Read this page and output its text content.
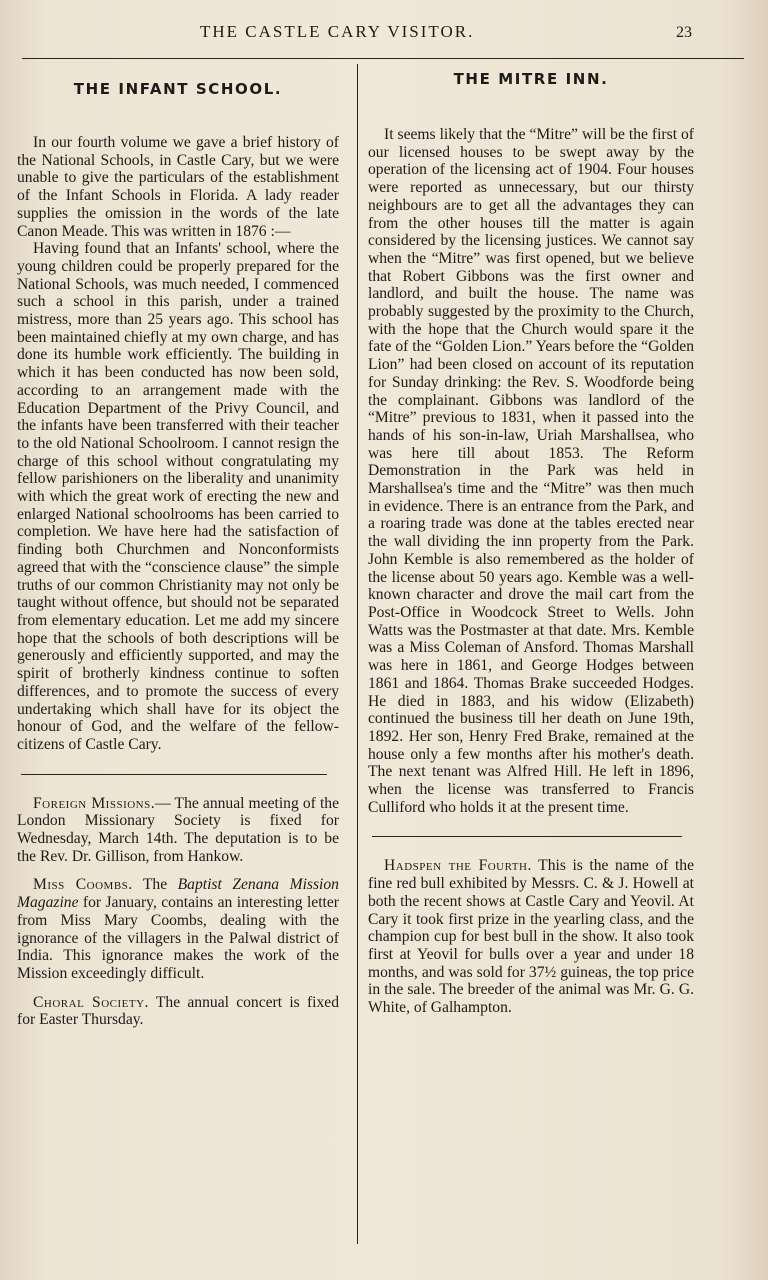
THE CASTLE CARY VISITOR.	23
THE INFANT SCHOOL.

In our fourth volume we gave a brief history of the National Schools, in Castle Cary, but we were unable to give the particulars of the establishment of the Infant Schools in Florida. A lady reader supplies the omission in the words of the late Canon Meade. This was written in 1876 :—

Having found that an Infants' school, where the young children could be properly prepared for the National Schools, was much needed, I commenced such a school in this parish, under a trained mistress, more than 25 years ago. This school has been maintained chiefly at my own charge, and has done its humble work efficiently. The building in which it has been conducted has now been sold, according to an arrangement made with the Education Department of the Privy Council, and the infants have been transferred with their teacher to the old National Schoolroom. I cannot resign the charge of this school without congratulating my fellow parishioners on the liberality and unanimity with which the great work of erecting the new and enlarged National schoolrooms has been carried to completion. We have here had the satisfaction of finding both Churchmen and Nonconformists agreed that with the “conscience clause” the simple truths of our common Christianity may not only be taught without offence, but should not be separated from elementary education. Let me add my sincere hope that the schools of both descriptions will be generously and efficiently supported, and may the spirit of brotherly kindness continue to soften differences, and to promote the success of every undertaking which shall have for its object the honour of God, and the welfare of the fellow-citizens of Castle Cary.

Foreign Missions.— The annual meeting of the London Missionary Society is fixed for Wednesday, March 14th. The deputation is to be the Rev. Dr. Gillison, from Hankow.

Miss Coombs. The Baptist Zenana Mission Magazine for January, contains an interesting letter from Miss Mary Coombs, dealing with the ignorance of the villagers in the Palwal district of India. This ignorance makes the work of the Mission exceedingly difficult.

Choral Society. The annual concert is fixed for Easter Thursday.

THE MITRE INN.

It seems likely that the “Mitre” will be the first of our licensed houses to be swept away by the operation of the licensing act of 1904. Four houses were reported as unnecessary, but our thirsty neighbours are to get all the advantages they can from the other houses till the matter is again considered by the licensing justices. We cannot say when the “Mitre” was first opened, but we believe that Robert Gibbons was the first owner and landlord, and built the house. The name was probably suggested by the proximity to the Church, with the hope that the Church would spare it the fate of the “Golden Lion.” Years before the “Golden Lion” had been closed on account of its reputation for Sunday drinking: the Rev. S. Woodforde being the complainant. Gibbons was landlord of the “Mitre” previous to 1831, when it passed into the hands of his son-in-law, Uriah Marshallsea, who was here till about 1853. The Reform Demonstration in the Park was held in Marshallsea's time and the “Mitre” was then much in evidence. There is an entrance from the Park, and a roaring trade was done at the tables erected near the wall dividing the inn property from the Park. John Kemble is also remembered as the holder of the license about 50 years ago. Kemble was a well-known character and drove the mail cart from the Post-Office in Woodcock Street to Wells. John Watts was the Postmaster at that date. Mrs. Kemble was a Miss Coleman of Ansford. Thomas Marshall was here in 1861, and George Hodges between 1861 and 1864. Thomas Brake succeeded Hodges. He died in 1883, and his widow (Elizabeth) continued the business till her death on June 19th, 1892. Her son, Henry Fred Brake, remained at the house only a few months after his mother's death. The next tenant was Alfred Hill. He left in 1896, when the license was transferred to Francis Culliford who holds it at the present time.

Hadspen the Fourth. This is the name of the fine red bull exhibited by Messrs. C. & J. Howell at both the recent shows at Castle Cary and Yeovil. At Cary it took first prize in the yearling class, and the champion cup for best bull in the show. It also took first at Yeovil for bulls over a year and under 18 months, and was sold for 37½ guineas, the top price in the sale. The breeder of the animal was Mr. G. G. White, of Galhampton.
